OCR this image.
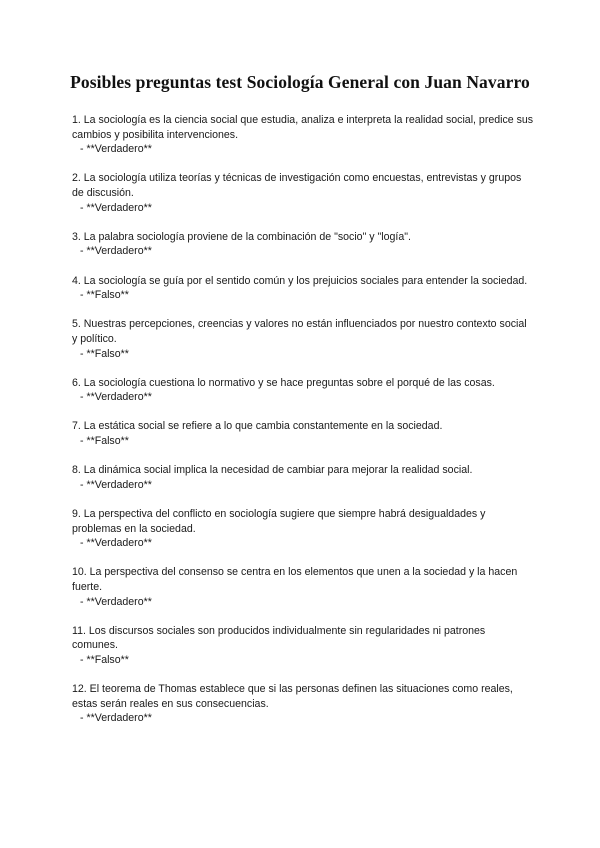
Posibles preguntas test Sociología General con Juan Navarro
1. La sociología es la ciencia social que estudia, analiza e interpreta la realidad social, predice sus cambios y posibilita intervenciones.
- **Verdadero**
2. La sociología utiliza teorías y técnicas de investigación como encuestas, entrevistas y grupos de discusión.
- **Verdadero**
3. La palabra sociología proviene de la combinación de "socio" y "logía".
- **Verdadero**
4. La sociología se guía por el sentido común y los prejuicios sociales para entender la sociedad.
- **Falso**
5. Nuestras percepciones, creencias y valores no están influenciados por nuestro contexto social y político.
- **Falso**
6. La sociología cuestiona lo normativo y se hace preguntas sobre el porqué de las cosas.
- **Verdadero**
7. La estática social se refiere a lo que cambia constantemente en la sociedad.
- **Falso**
8. La dinámica social implica la necesidad de cambiar para mejorar la realidad social.
- **Verdadero**
9. La perspectiva del conflicto en sociología sugiere que siempre habrá desigualdades y problemas en la sociedad.
- **Verdadero**
10. La perspectiva del consenso se centra en los elementos que unen a la sociedad y la hacen fuerte.
- **Verdadero**
11. Los discursos sociales son producidos individualmente sin regularidades ni patrones comunes.
- **Falso**
12. El teorema de Thomas establece que si las personas definen las situaciones como reales, estas serán reales en sus consecuencias.
- **Verdadero**
